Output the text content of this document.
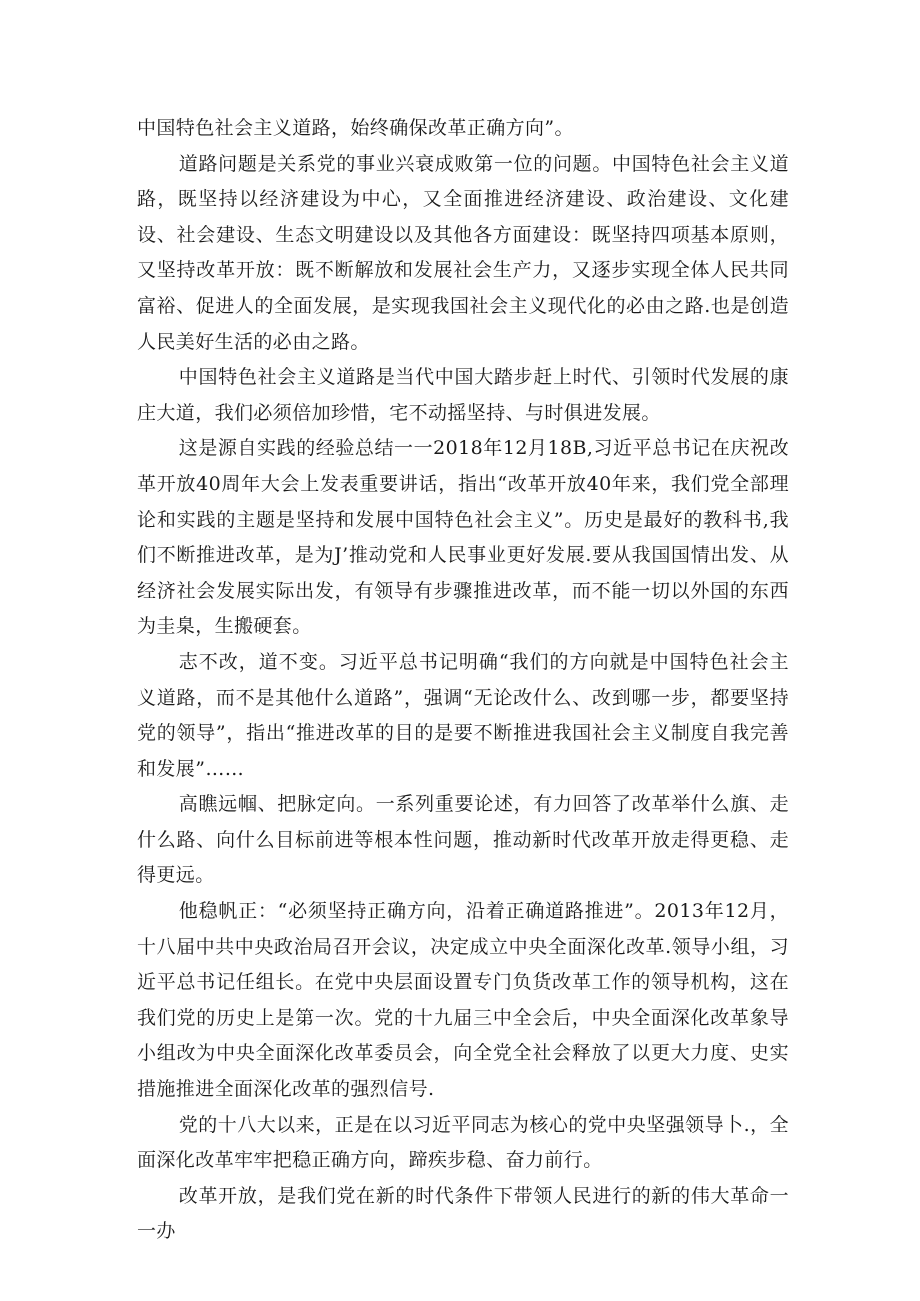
中国特色社会主义道路，始终确保改革正确方向”。

道路问题是关系党的事业兴衰成败第一位的问题。中国特色社会主义道路，既坚持以经济建设为中心，又全面推进经济建设、政治建设、文化建设、社会建设、生态文明建设以及其他各方面建设：既坚持四项基本原则，又坚持改革开放：既不断解放和发展社会生产力，又逐步实现全体人民共同富裕、促进人的全面发展，是实现我国社会主义现代化的必由之路.也是创造人民美好生活的必由之路。

中国特色社会主义道路是当代中国大踏步赶上时代、引领时代发展的康庄大道，我们必须倍加珍惜，宅不动摇坚持、与时俱进发展。

这是源自实践的经验总结一一2018年12月18B,习近平总书记在庆祝改革开放40周年大会上发表重要讲话，指出“改革开放40年来，我们党全部理论和实践的主题是坚持和发展中国特色社会主义”。历史是最好的教科书,我们不断推进改革，是为J’推动党和人民事业更好发展.要从我国国情出发、从经济社会发展实际出发，有领导有步骤推进改革，而不能一切以外国的东西为圭臬，生搬硬套。

志不改，道不变。习近平总书记明确“我们的方向就是中国特色社会主义道路，而不是其他什么道路”，强调“无论改什么、改到哪一步，都要坚持党的领导”，指出“推进改革的目的是要不断推进我国社会主义制度自我完善和发展”……

高瞧远帼、把脉定向。一系列重要论述，有力回答了改革举什么旗、走什么路、向什么目标前进等根本性问题，推动新时代改革开放走得更稳、走得更远。

他稳帆正：“必须坚持正确方向，沿着正确道路推进”。2013年12月，十八届中共中央政治局召开会议，决定成立中央全面深化改革.领导小组，习近平总书记任组长。在党中央层面设置专门负货改革工作的领导机构，这在我们党的历史上是第一次。党的十九届三中全会后，中央全面深化改革象导小组改为中央全面深化改革委员会，向全党全社会释放了以更大力度、史实措施推进全面深化改革的强烈信号.

党的十八大以来，正是在以习近平同志为核心的党中央坚强领导卜.，全面深化改革牢牢把稳正确方向，蹄疾步稳、奋力前行。

改革开放，是我们党在新的时代条件下带领人民进行的新的伟大革命一一办
